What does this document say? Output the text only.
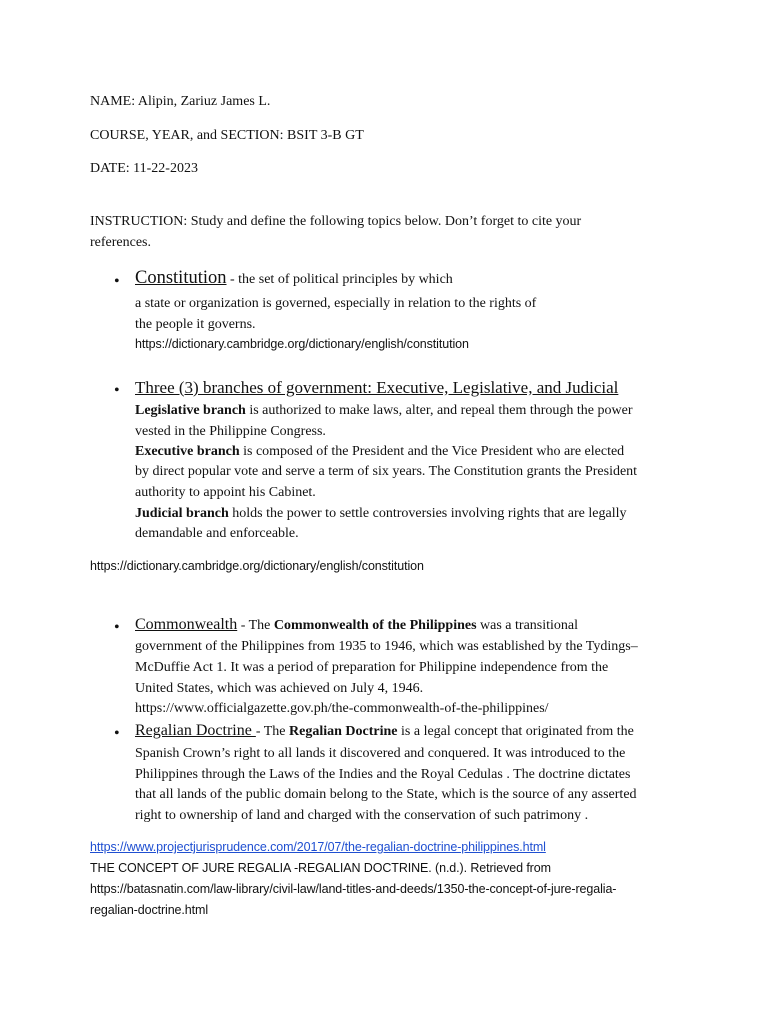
NAME: Alipin, Zariuz James L.

COURSE, YEAR, and SECTION: BSIT 3-B GT

DATE: 11-22-2023

INSTRUCTION: Study and define the following topics below. Don’t forget to cite your

references.

• Constitution - the set of political principles by which

a state or organization is governed, especially in relation to the rights of

the people it governs.

https://dictionary.cambridge.org/dictionary/english/constitution

• Three (3) branches of government: Executive, Legislative, and Judicial

Legislative branch is authorized to make laws, alter, and repeal them through the power

vested in the Philippine Congress.

Executive branch is composed of the President and the Vice President who are elected

by direct popular vote and serve a term of six years. The Constitution grants the President

authority to appoint his Cabinet.

Judicial branch holds the power to settle controversies involving rights that are legally

demandable and enforceable.

https://dictionary.cambridge.org/dictionary/english/constitution

• Commonwealth - The Commonwealth of the Philippines was a transitional

government of the Philippines from 1935 to 1946, which was established by the Tydings–

McDuffie Act 1. It was a period of preparation for Philippine independence from the

United States, which was achieved on July 4, 1946.

https://www.officialgazette.gov.ph/the-commonwealth-of-the-philippines/

• Regalian Doctrine - The Regalian Doctrine is a legal concept that originated from the

Spanish Crown’s right to all lands it discovered and conquered. It was introduced to the

Philippines through the Laws of the Indies and the Royal Cedulas . The doctrine dictates

that all lands of the public domain belong to the State, which is the source of any asserted

right to ownership of land and charged with the conservation of such patrimony .

https://www.projectjurisprudence.com/2017/07/the-regalian-doctrine-philippines.html

THE CONCEPT OF JURE REGALIA -REGALIAN DOCTRINE. (n.d.). Retrieved from

https://batasnatin.com/law-library/civil-law/land-titles-and-deeds/1350-the-concept-of-jure-regalia-

regalian-doctrine.html
